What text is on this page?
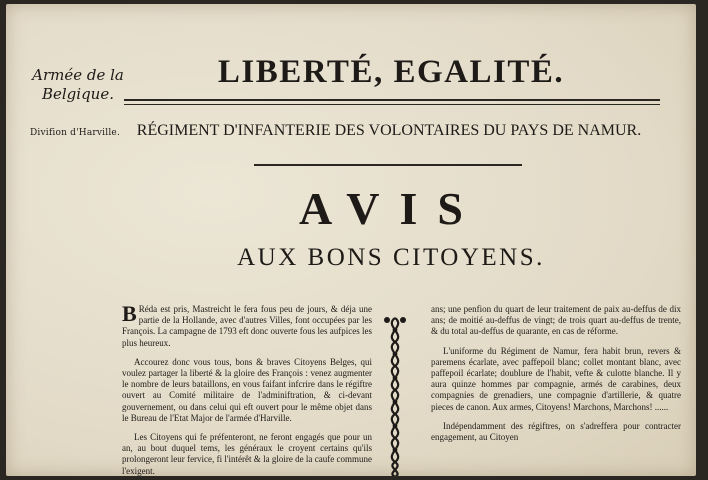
Armée de la Belgique.
Divifion d'Harville.
LIBERTÉ, EGALITÉ.
RÉGIMENT D'INFANTERIE DES VOLONTAIRES DU PAYS DE NAMUR.
AVIS
AUX BONS CITOYENS.

B Réda est pris, Mastreicht le fera fous peu de jours, & déja une partie de la Hollande, avec d'autres Villes, font occupées par les François. La campagne de 1793 eft donc ouverte fous les aufpices les plus heureux.

Accourez donc vous tous, bons & braves Citoyens Belges, qui voulez partager la liberté & la gloire des François : venez augmenter le nombre de leurs bataillons, en vous faifant infcrire dans le régiftre ouvert au Comité militaire de l'adminiftration, & ci-devant gouvernement, ou dans celui qui eft ouvert pour le même objet dans le Bureau de l'Etat Major de l'armée d'Harville.

Les Citoyens qui fe préfenteront, ne feront engagés que pour un an, au bout duquel tems, les généraux le croyent certains qu'ils prolongeront leur fervice, fi l'intérêt & la gloire de la caufe commune l'exigent.

ans; une penfion du quart de leur traitement de paix au-deffus de dix ans; de moitié au-deffus de vingt; de trois quart au-deffus de trente, & du total au-deffus de quarante, en cas de réforme.

L'uniforme du Régiment de Namur, fera habit brun, revers & paremens écarlate, avec paffepoil blanc; collet montant blanc, avec paffepoil écarlate; doublure de l'habit, vefte & culotte blanche. Il y aura quinze hommes par compagnie, armés de carabines, deux compagnies de grenadiers, une compagnie d'artillerie, & quatre pieces de canon. Aux armes, Citoyens! Marchons, Marchons! ......

Indépendamment des régiftres, on s'adreffera pour contracter engagement, au Citoyen
